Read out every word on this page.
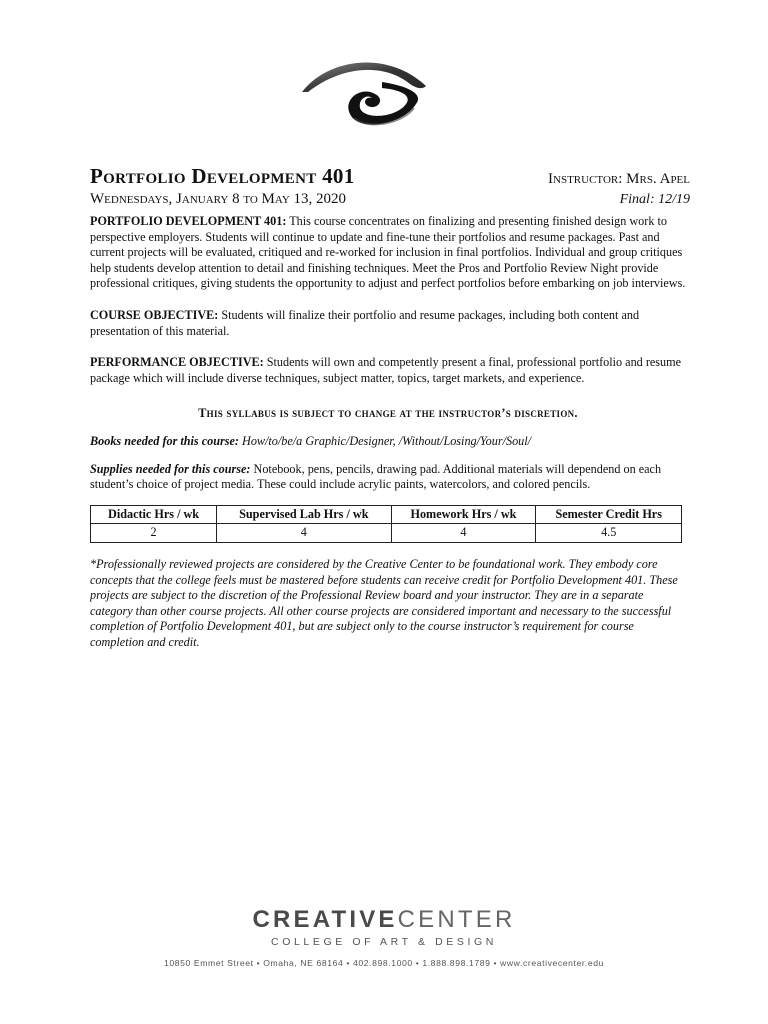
Portfolio Development 401	Instructor: Mrs. Apel
Wednesdays, January 8 to May 13, 2020	Final: 12/19

PORTFOLIO DEVELOPMENT 401: This course concentrates on finalizing and presenting finished design work to perspective employers. Students will continue to update and fine-tune their portfolios and resume packages. Past and current projects will be evaluated, critiqued and re-worked for inclusion in final portfolios. Individual and group critiques help students develop attention to detail and finishing techniques. Meet the Pros and Portfolio Review Night provide professional critiques, giving students the opportunity to adjust and perfect portfolios before embarking on job interviews.

COURSE OBJECTIVE: Students will finalize their portfolio and resume packages, including both content and presentation of this material.

PERFORMANCE OBJECTIVE: Students will own and competently present a final, professional portfolio and resume package which will include diverse techniques, subject matter, topics, target markets, and experience.

This syllabus is subject to change at the instructor’s discretion.

Books needed for this course: How/to/be/a Graphic/Designer, /Without/Losing/Your/Soul/

Supplies needed for this course: Notebook, pens, pencils, drawing pad. Additional materials will dependend on each student’s choice of project media. These could include acrylic paints, watercolors, and colored pencils.

Didactic Hrs / wk	Supervised Lab Hrs / wk	Homework Hrs / wk	Semester Credit Hrs
2	4	4	4.5

*Professionally reviewed projects are considered by the Creative Center to be foundational work. They embody core concepts that the college feels must be mastered before students can receive credit for Portfolio Development 401. These projects are subject to the discretion of the Professional Review board and your instructor. They are in a separate category than other course projects. All other course projects are considered important and necessary to the successful completion of Portfolio Development 401, but are subject only to the course instructor’s requirement for course completion and credit.

CREATIVECENTER
COLLEGE OF ART & DESIGN
10850 Emmet Street • Omaha, NE 68164 • 402.898.1000 • 1.888.898.1789 • www.creativecenter.edu
